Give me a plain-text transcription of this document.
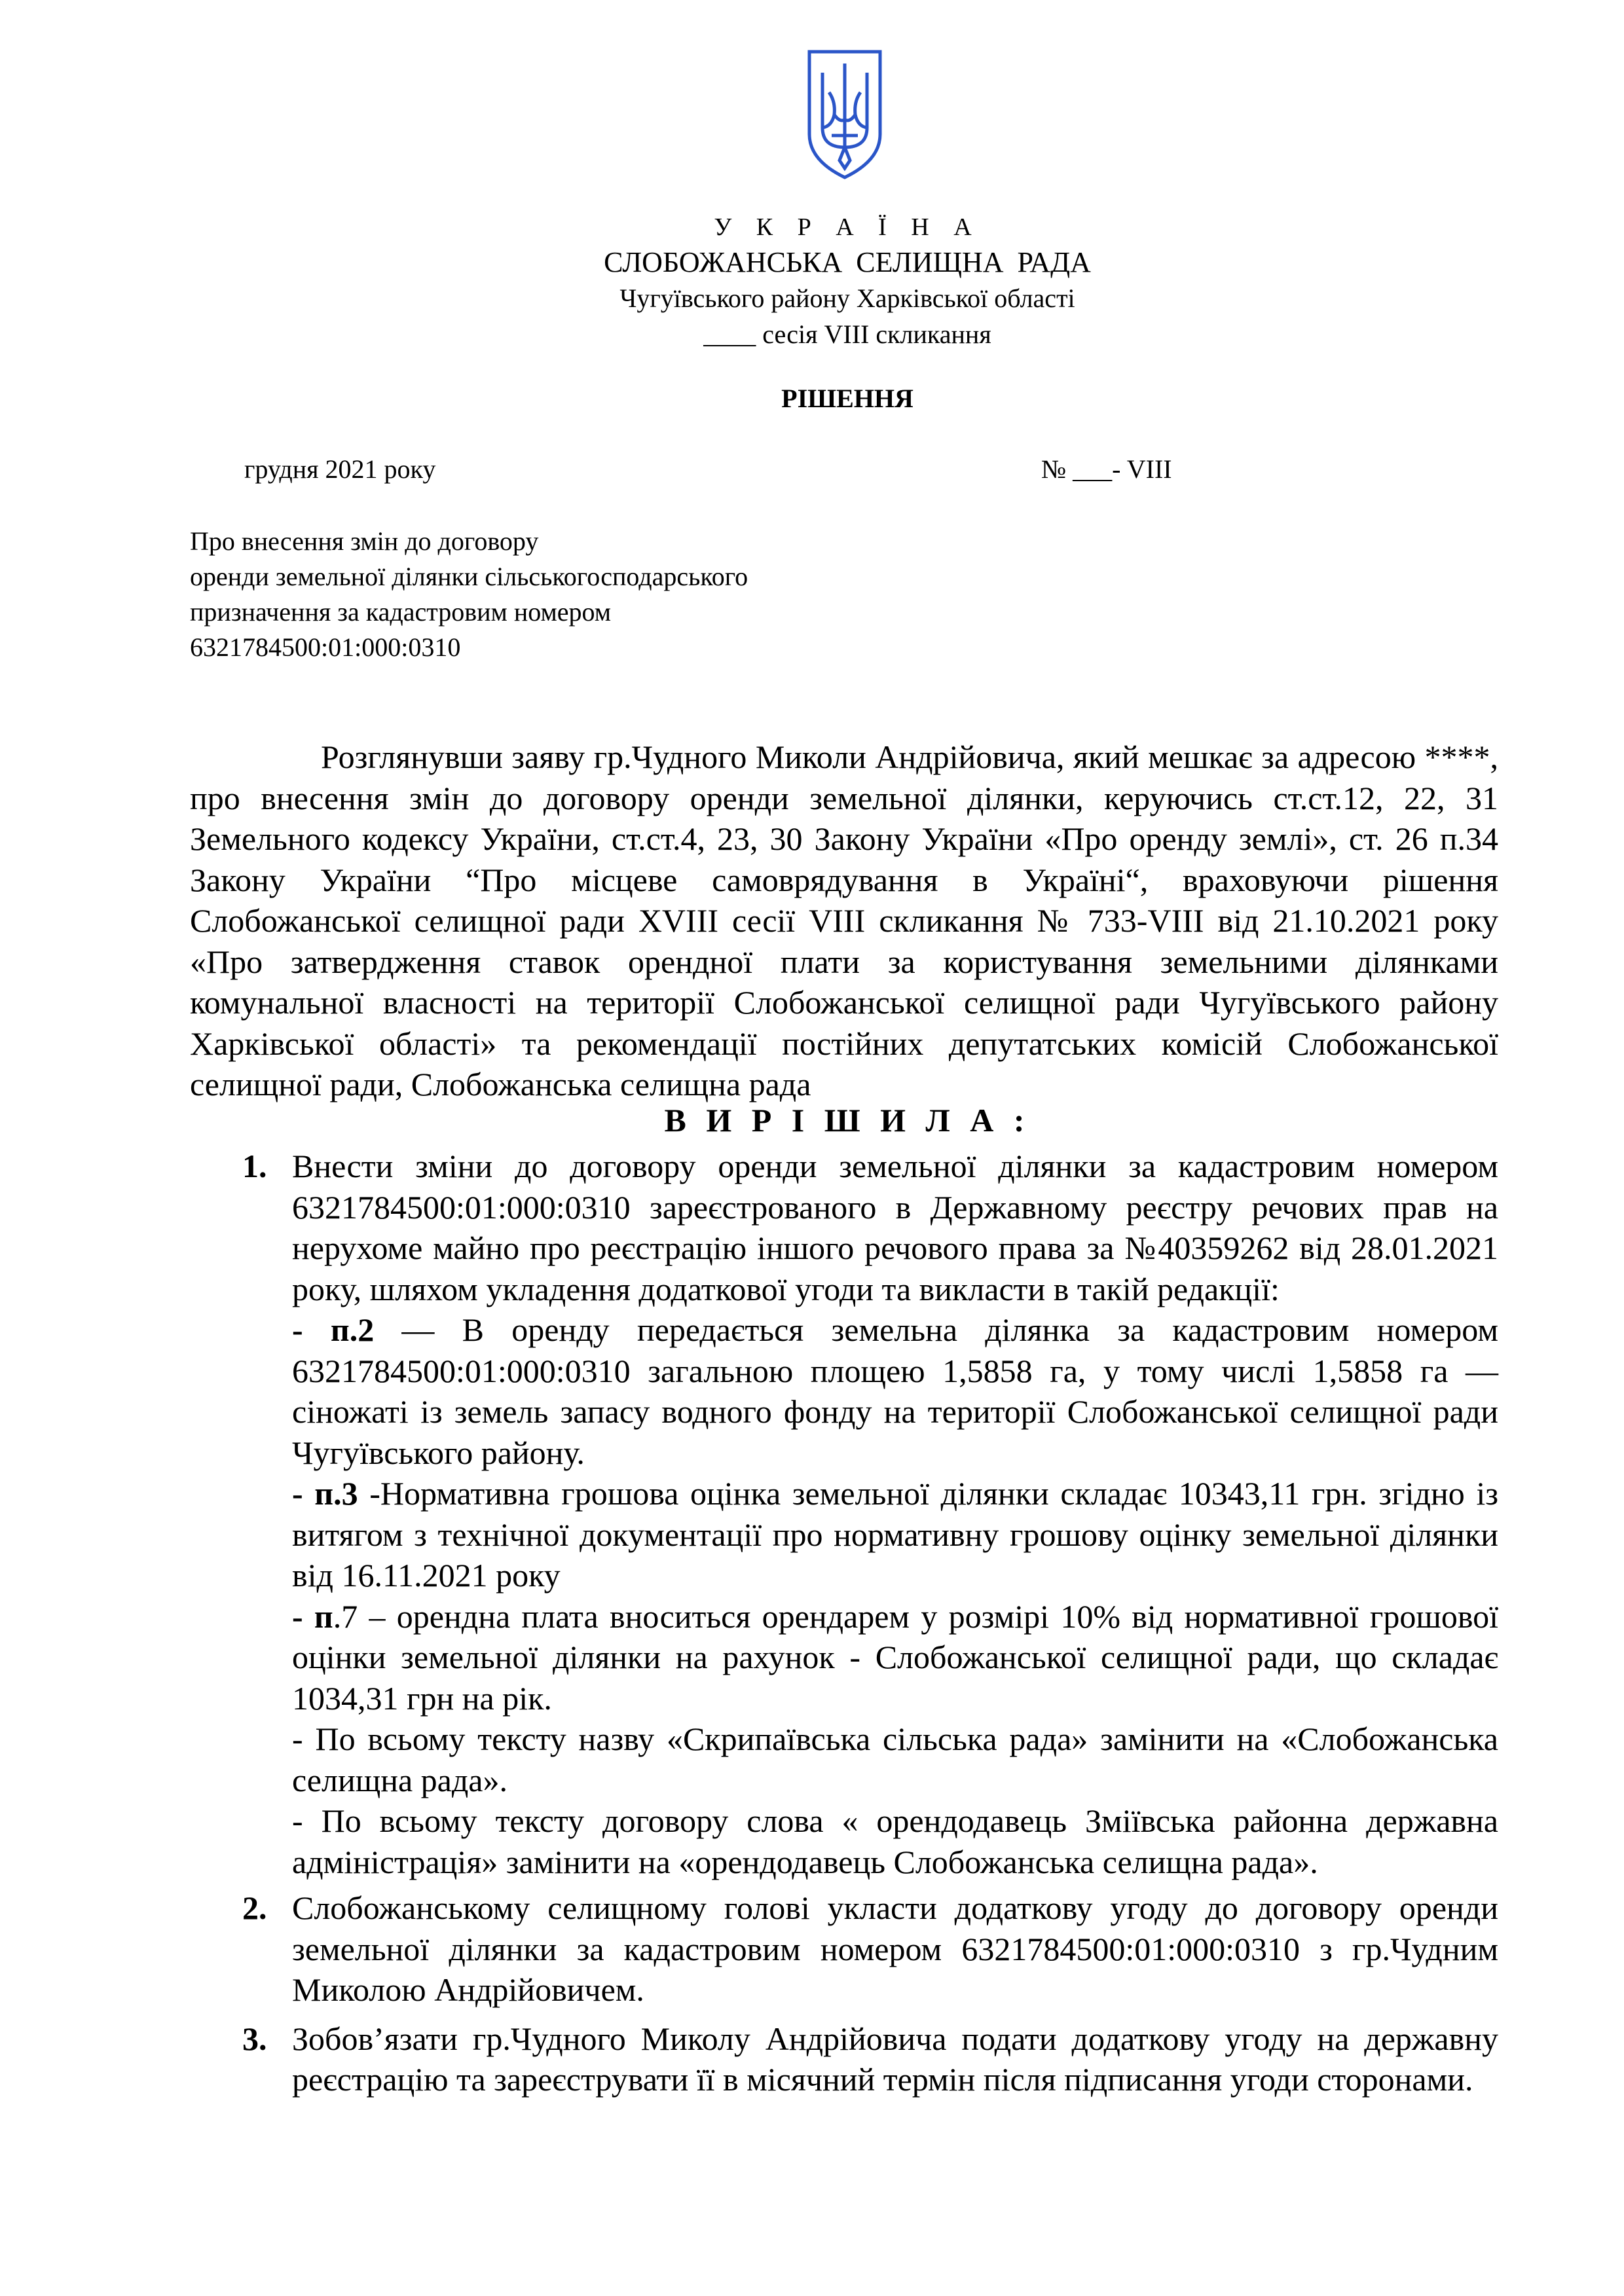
У К Р А Ї Н А
СЛОБОЖАНСЬКА СЕЛИЩНА РАДА
Чугуївського району Харківської області
____ сесія VIII скликання
РІШЕННЯ
грудня 2021 року	№ ___- VIII
Про внесення змін до договору
оренди земельної ділянки сільськогосподарського
призначення за кадастровим номером
6321784500:01:000:0310
Розглянувши заяву гр.Чудного Миколи Андрійовича, який мешкає за адресою ****, про внесення змін до договору оренди земельної ділянки, керуючись ст.ст.12, 22, 31 Земельного кодексу України, ст.ст.4, 23, 30 Закону України «Про оренду землі», ст. 26 п.34 Закону України “Про місцеве самоврядування в Україні“, враховуючи рішення Слобожанської селищної ради XVIII сесії VIII скликання № 733-VIII від 21.10.2021 року «Про затвердження ставок орендної плати за користування земельними ділянками комунальної власності на території Слобожанської селищної ради Чугуївського району Харківської області» та рекомендації постійних депутатських комісій Слобожанської селищної ради, Слобожанська селищна рада
В И Р І Ш И Л А :
1. Внести зміни до договору оренди земельної ділянки за кадастровим номером 6321784500:01:000:0310 зареєстрованого в Державному реєстру речових прав на нерухоме майно про реєстрацію іншого речового права за №40359262 від 28.01.2021 року, шляхом укладення додаткової угоди та викласти в такій редакції:
- п.2 — В оренду передається земельна ділянка за кадастровим номером 6321784500:01:000:0310 загальною площею 1,5858 га, у тому числі 1,5858 га — сіножаті із земель запасу водного фонду на території Слобожанської селищної ради Чугуївського району.
- п.3 -Нормативна грошова оцінка земельної ділянки складає 10343,11 грн. згідно із витягом з технічної документації про нормативну грошову оцінку земельної ділянки від 16.11.2021 року
- п.7 – орендна плата вноситься орендарем у розмірі 10% від нормативної грошової оцінки земельної ділянки на рахунок - Слобожанської селищної ради, що складає 1034,31 грн на рік.
- По всьому тексту назву «Скрипаївська сільська рада» замінити на «Слобожанська селищна рада».
- По всьому тексту договору слова « орендодавець Зміївська районна державна адміністрація» замінити на «орендодавець Слобожанська селищна рада».
2. Слобожанському селищному голові укласти додаткову угоду до договору оренди земельної ділянки за кадастровим номером 6321784500:01:000:0310 з гр.Чудним Миколою Андрійовичем.
3. Зобов’язати гр.Чудного Миколу Андрійовича подати додаткову угоду на державну реєстрацію та зареєструвати її в місячний термін після підписання угоди сторонами.
